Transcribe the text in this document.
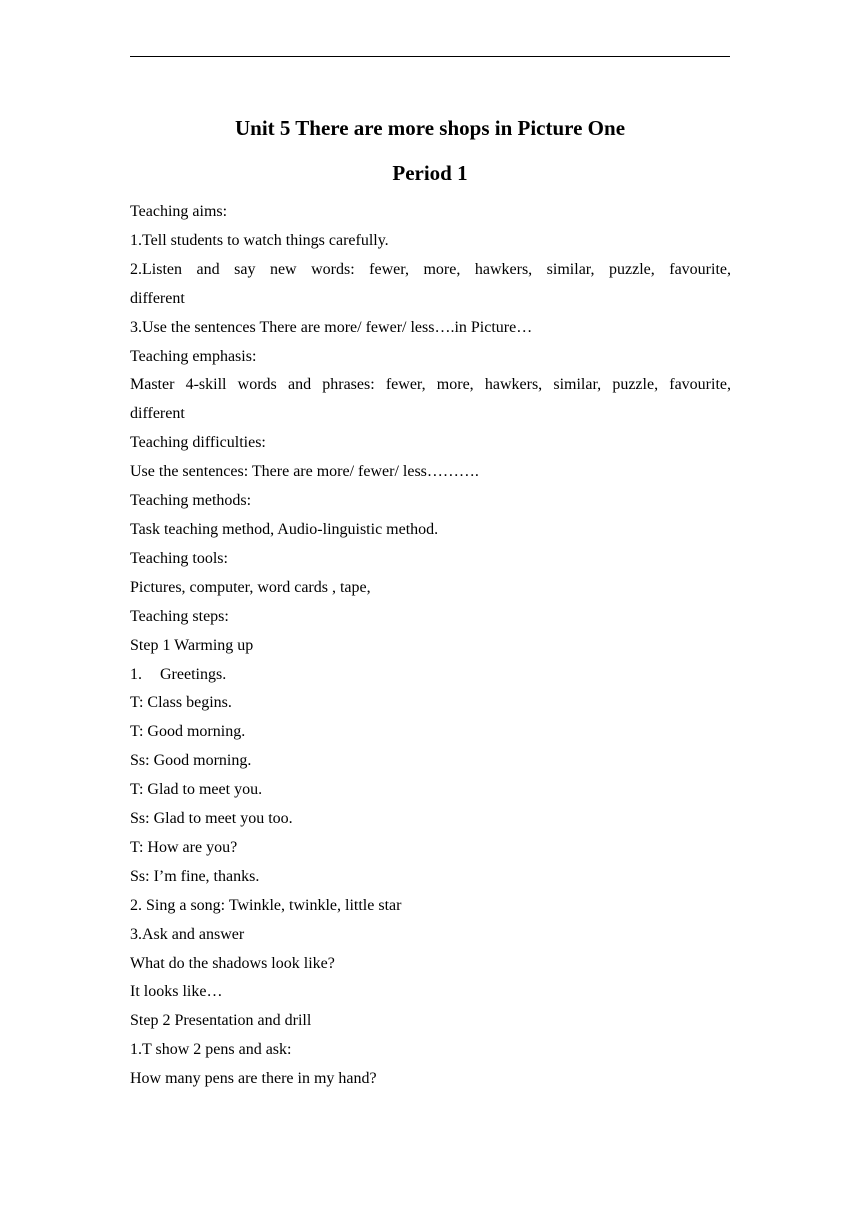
Unit 5 There are more shops in Picture One
Period 1
Teaching aims:
1.Tell students to watch things carefully.
2.Listen and say new words: fewer, more, hawkers, similar, puzzle, favourite,
different
3.Use the sentences There are more/ fewer/ less….in Picture…
Teaching emphasis:
Master 4-skill words and phrases: fewer, more, hawkers, similar, puzzle, favourite,
different
Teaching difficulties:
Use the sentences: There are more/ fewer/ less……….
Teaching methods:
Task teaching method, Audio-linguistic method.
Teaching tools:
Pictures, computer, word cards , tape,
Teaching steps:
Step 1 Warming up
1. Greetings.
T: Class begins.
T: Good morning.
Ss: Good morning.
T: Glad to meet you.
Ss: Glad to meet you too.
T: How are you?
Ss: I’m fine, thanks.
2. Sing a song: Twinkle, twinkle, little star
3.Ask and answer
What do the shadows look like?
It looks like…
Step 2 Presentation and drill
1.T show 2 pens and ask:
How many pens are there in my hand?
